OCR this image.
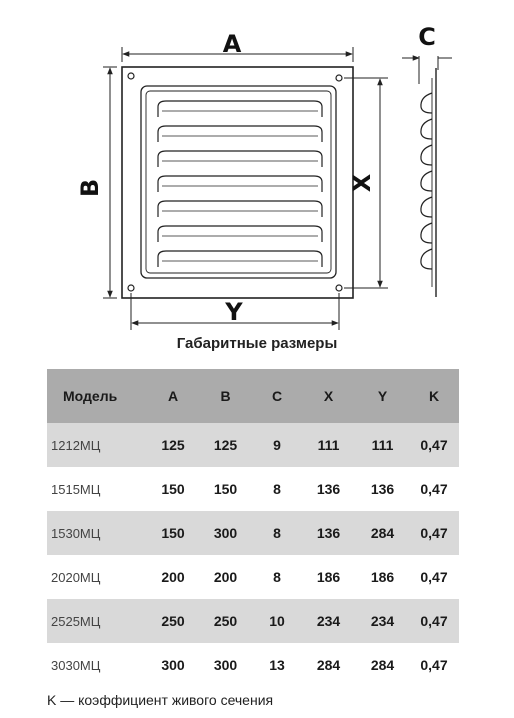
A
B	X
Y
C
Габаритные размеры
Модель	A	B	C	X	Y	K
1212МЦ	125	125	9	111	111	0,47
1515МЦ	150	150	8	136	136	0,47
1530МЦ	150	300	8	136	284	0,47
2020МЦ	200	200	8	186	186	0,47
2525МЦ	250	250	10	234	234	0,47
3030МЦ	300	300	13	284	284	0,47
K — коэффициент живого сечения
